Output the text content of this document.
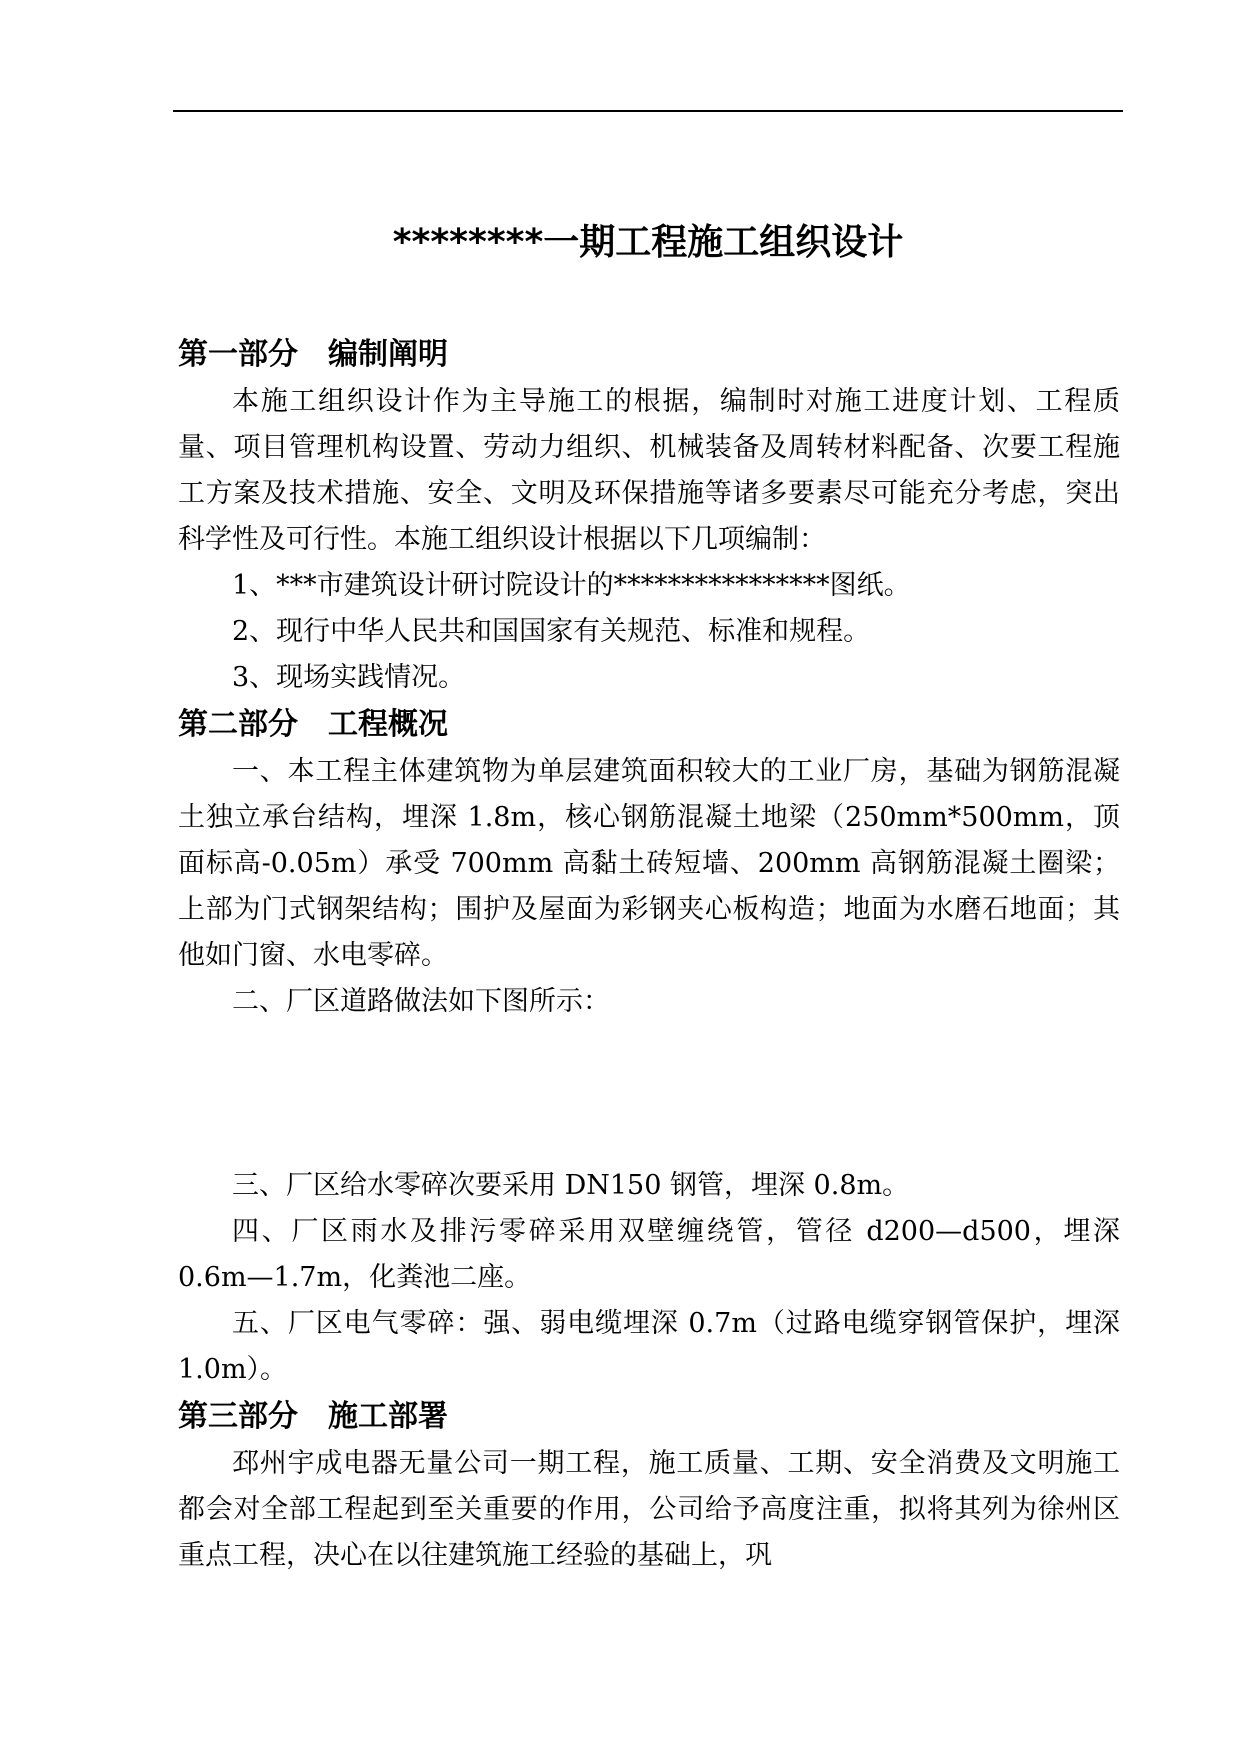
********一期工程施工组织设计
第一部分　编制阐明

本施工组织设计作为主导施工的根据，编制时对施工进度计划、工程质量、项目管理机构设置、劳动力组织、机械装备及周转材料配备、次要工程施工方案及技术措施、安全、文明及环保措施等诸多要素尽可能充分考虑，突出科学性及可行性。本施工组织设计根据以下几项编制：

1、***市建筑设计研讨院设计的****************图纸。

2、现行中华人民共和国国家有关规范、标准和规程。

3、现场实践情况。

第二部分　工程概况

一、本工程主体建筑物为单层建筑面积较大的工业厂房，基础为钢筋混凝土独立承台结构，埋深 1.8m，核心钢筋混凝土地梁（250mm*500mm，顶面标高-0.05m）承受 700mm 高黏土砖短墙、200mm 高钢筋混凝土圈梁；上部为门式钢架结构；围护及屋面为彩钢夹心板构造；地面为水磨石地面；其他如门窗、水电零碎。

二、厂区道路做法如下图所示：

三、厂区给水零碎次要采用 DN150 钢管，埋深 0.8m。

四、厂区雨水及排污零碎采用双壁缠绕管，管径 d200—d500，埋深 0.6m—1.7m，化粪池二座。

五、厂区电气零碎：强、弱电缆埋深 0.7m（过路电缆穿钢管保护，埋深 1.0m）。

第三部分　施工部署

邳州宇成电器无量公司一期工程，施工质量、工期、安全消费及文明施工都会对全部工程起到至关重要的作用，公司给予高度注重，拟将其列为徐州区重点工程，决心在以往建筑施工经验的基础上，巩
